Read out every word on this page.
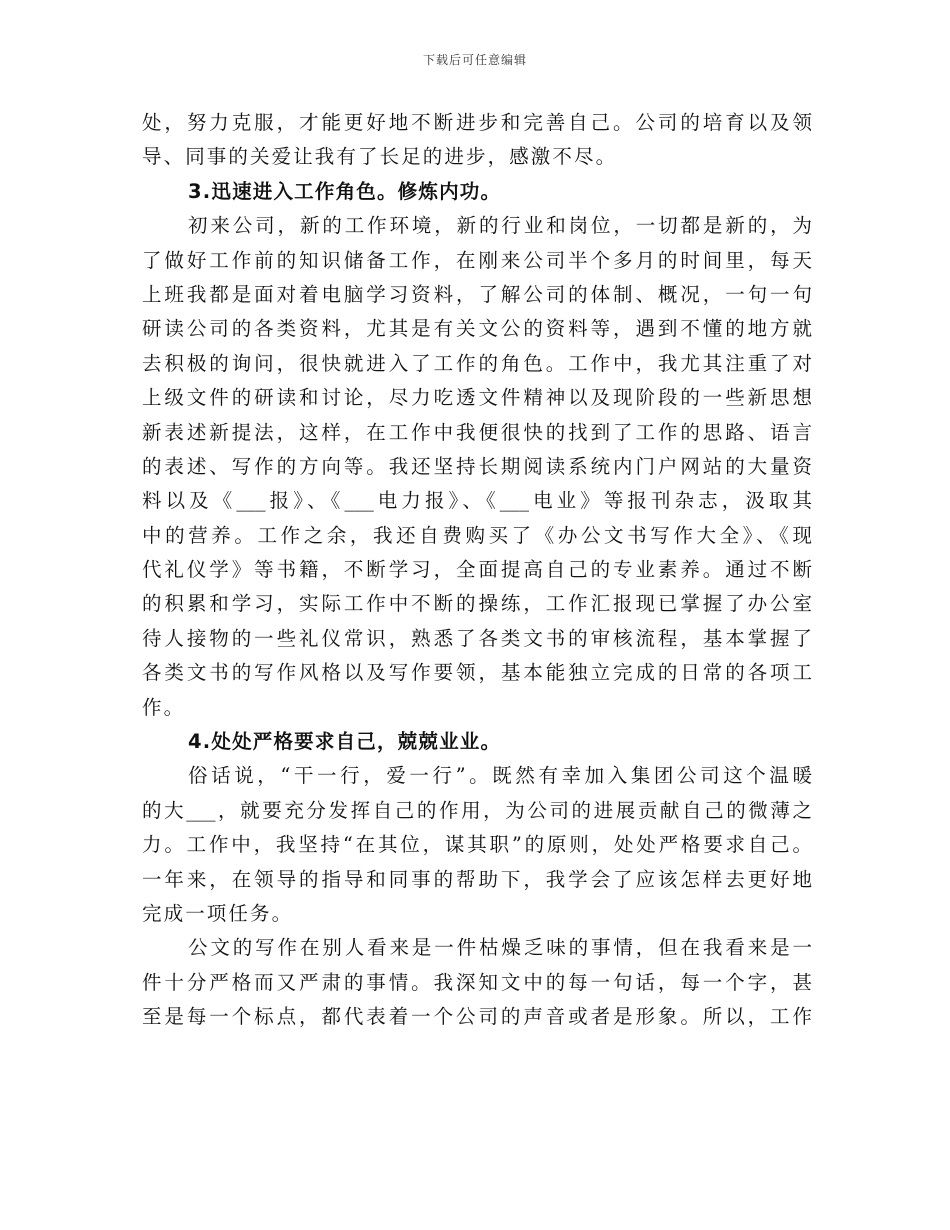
下载后可任意编辑
处，努力克服，才能更好地不断进步和完善自己。公司的培育以及领
导、同事的关爱让我有了长足的进步，感激不尽。
3.迅速进入工作角色。修炼内功。
初来公司，新的工作环境，新的行业和岗位，一切都是新的，为
了做好工作前的知识储备工作，在刚来公司半个多月的时间里，每天
上班我都是面对着电脑学习资料，了解公司的体制、概况，一句一句
研读公司的各类资料，尤其是有关文公的资料等，遇到不懂的地方就
去积极的询问，很快就进入了工作的角色。工作中，我尤其注重了对
上级文件的研读和讨论，尽力吃透文件精神以及现阶段的一些新思想
新表述新提法，这样，在工作中我便很快的找到了工作的思路、语言
的表述、写作的方向等。我还坚持长期阅读系统内门户网站的大量资
料以及《___报》、《___电力报》、《___电业》等报刊杂志，汲取其
中的营养。工作之余，我还自费购买了《办公文书写作大全》、《现
代礼仪学》等书籍，不断学习，全面提高自己的专业素养。通过不断
的积累和学习，实际工作中不断的操练，工作汇报现已掌握了办公室
待人接物的一些礼仪常识，熟悉了各类文书的审核流程，基本掌握了
各类文书的写作风格以及写作要领，基本能独立完成的日常的各项工
作。
4.处处严格要求自己，兢兢业业。
俗话说，“干一行，爱一行”。既然有幸加入集团公司这个温暖
的大___，就要充分发挥自己的作用，为公司的进展贡献自己的微薄之
力。工作中，我坚持“在其位，谋其职”的原则，处处严格要求自己。
一年来，在领导的指导和同事的帮助下，我学会了应该怎样去更好地
完成一项任务。
公文的写作在别人看来是一件枯燥乏味的事情，但在我看来是一
件十分严格而又严肃的事情。我深知文中的每一句话，每一个字，甚
至是每一个标点，都代表着一个公司的声音或者是形象。所以，工作
